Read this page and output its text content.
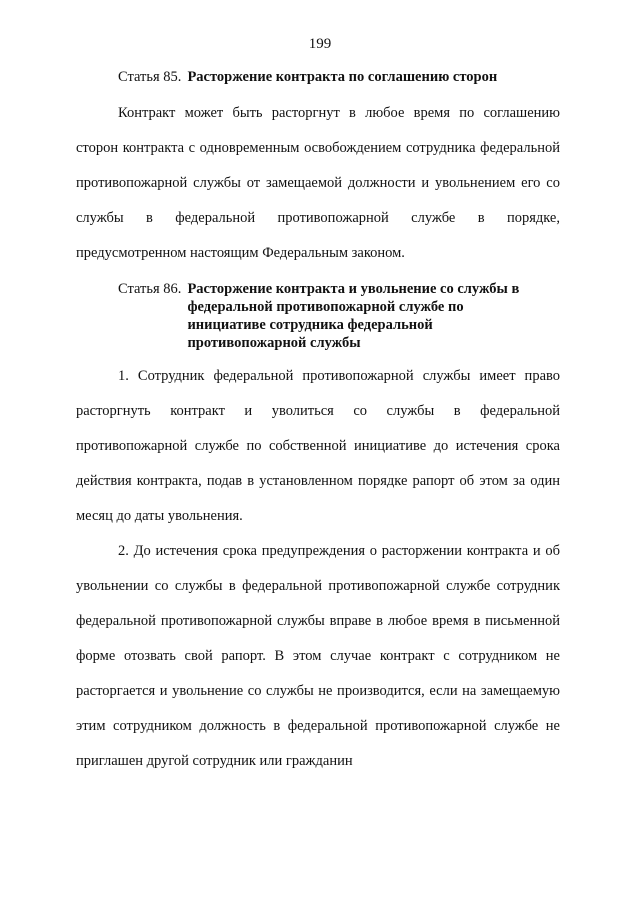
199
Статья 85. Расторжение контракта по соглашению сторон

Контракт может быть расторгнут в любое время по соглашению сторон контракта с одновременным освобождением сотрудника федеральной противопожарной службы от замещаемой должности и увольнением его со службы в федеральной противопожарной службе в порядке, предусмотренном настоящим Федеральным законом.

Статья 86. Расторжение контракта и увольнение со службы в
федеральной противопожарной службе по
инициативе сотрудника федеральной
противопожарной службы

1. Сотрудник федеральной противопожарной службы имеет право расторгнуть контракт и уволиться со службы в федеральной противопожарной службе по собственной инициативе до истечения срока действия контракта, подав в установленном порядке рапорт об этом за один месяц до даты увольнения.

2. До истечения срока предупреждения о расторжении контракта и об увольнении со службы в федеральной противопожарной службе сотрудник федеральной противопожарной службы вправе в любое время в письменной форме отозвать свой рапорт. В этом случае контракт с сотрудником не расторгается и увольнение со службы не производится, если на замещаемую этим сотрудником должность в федеральной противопожарной службе не приглашен другой сотрудник или гражданин
